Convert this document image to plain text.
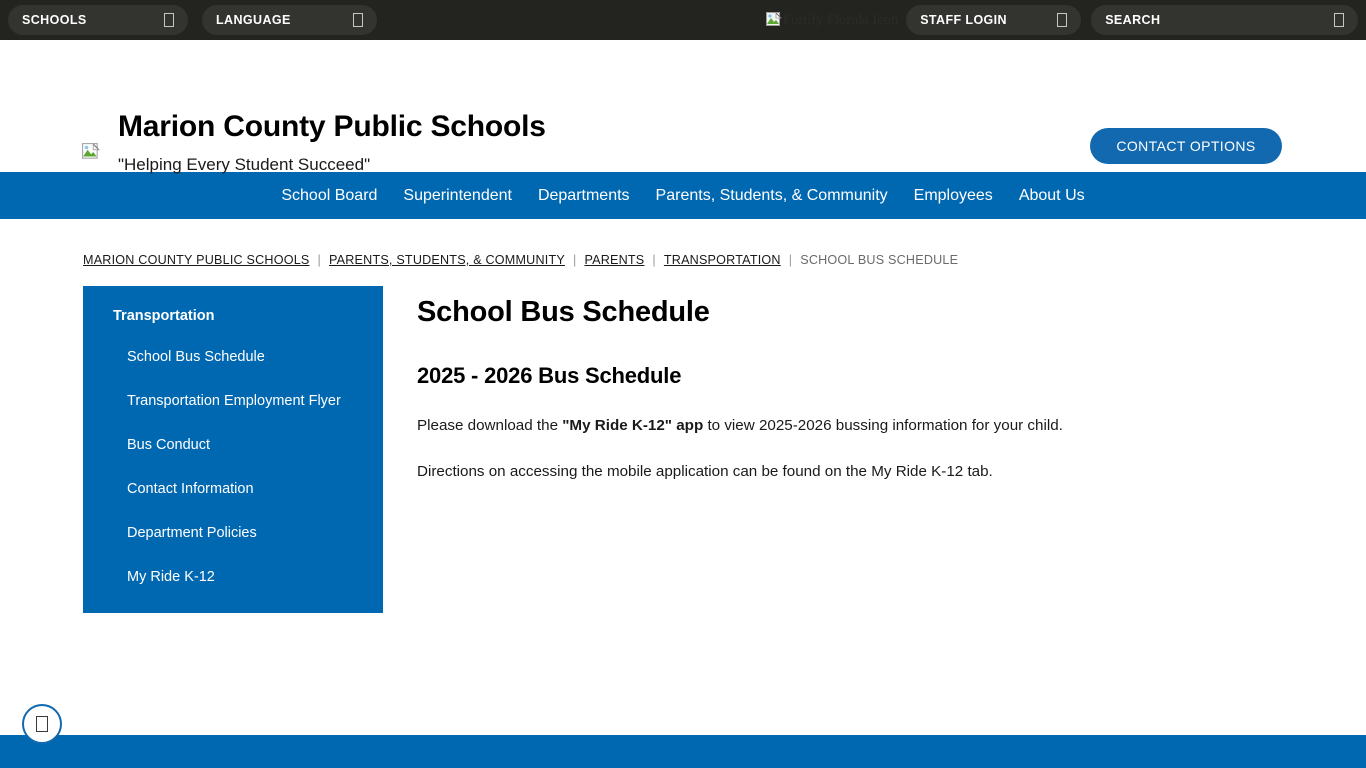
SCHOOLS	LANGUAGE	Fortify Florida Icon STAFF LOGIN	SEARCH
Marion County Public Schools
"Helping Every Student Succeed"
CONTACT OPTIONS
School Board Superintendent Departments Parents, Students, & Community Employees About Us
MARION COUNTY PUBLIC SCHOOLS | PARENTS, STUDENTS, & COMMUNITY | PARENTS | TRANSPORTATION | SCHOOL BUS SCHEDULE
Transportation
School Bus Schedule
Transportation Employment Flyer
Bus Conduct
Contact Information
Department Policies
My Ride K-12
School Bus Schedule
2025 - 2026 Bus Schedule

Please download the "My Ride K-12" app to view 2025-2026 bussing information for your child.

Directions on accessing the mobile application can be found on the My Ride K-12 tab.
